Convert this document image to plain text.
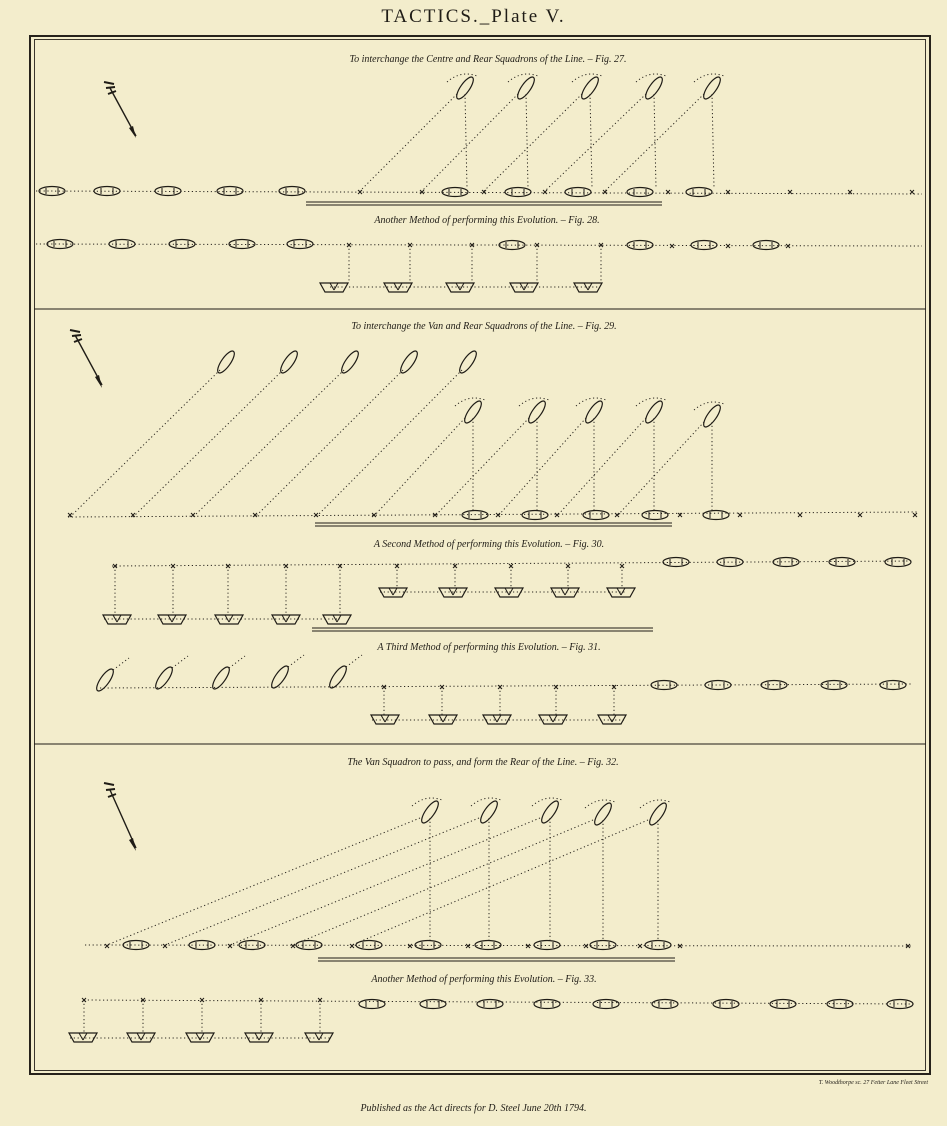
TACTICS._Plate V.
To interchange the Centre and Rear Squadrons of the Line. – Fig. 27.
Another Method of performing this Evolution. – Fig. 28.
To interchange the Van and Rear Squadrons of the Line. – Fig. 29.
A Second Method of performing this Evolution. – Fig. 30.
A Third Method of performing this Evolution. – Fig. 31.
The Van Squadron to pass, and form the Rear of the Line. – Fig. 32.
Another Method of performing this Evolution. – Fig. 33.
T. Woodthorpe sc. 27 Fetter Lane Fleet Street
Published as the Act directs for D. Steel June 20th 1794.
